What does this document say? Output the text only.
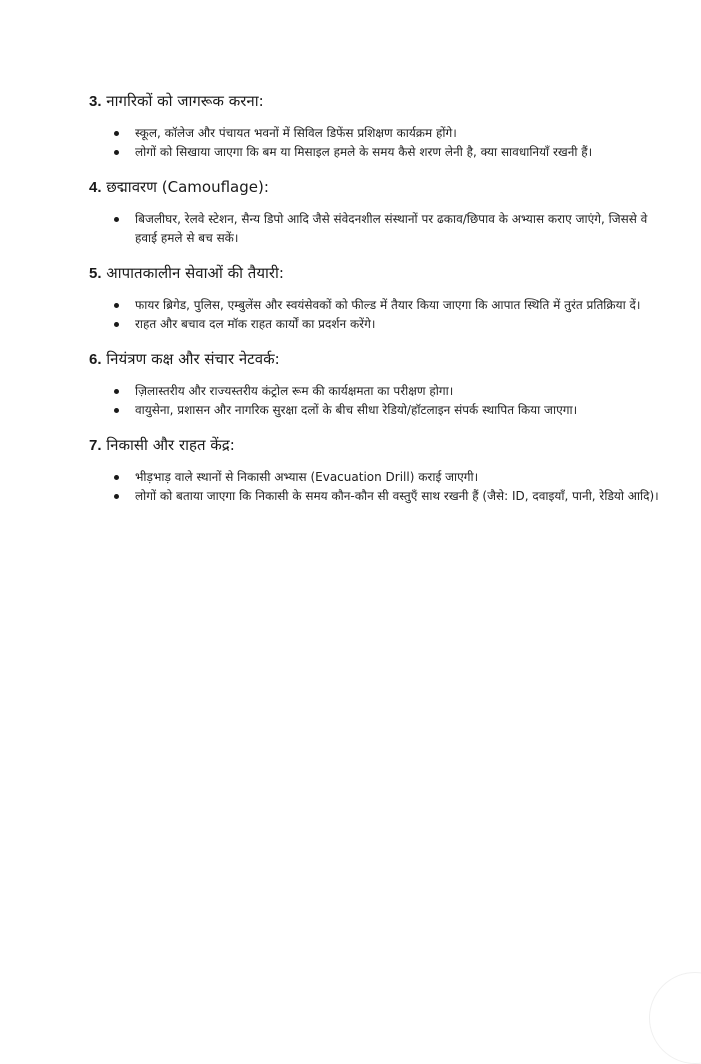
3. नागरिकों को जागरूक करना:
स्कूल, कॉलेज और पंचायत भवनों में सिविल डिफेंस प्रशिक्षण कार्यक्रम होंगे।
लोगों को सिखाया जाएगा कि बम या मिसाइल हमले के समय कैसे शरण लेनी है, क्या सावधानियाँ रखनी हैं।
4. छद्मावरण (Camouflage):
बिजलीघर, रेलवे स्टेशन, सैन्य डिपो आदि जैसे संवेदनशील संस्थानों पर ढकाव/छिपाव के अभ्यास कराए जाएंगे, जिससे वे हवाई हमले से बच सकें।
5. आपातकालीन सेवाओं की तैयारी:
फायर ब्रिगेड, पुलिस, एम्बुलेंस और स्वयंसेवकों को फील्ड में तैयार किया जाएगा कि आपात स्थिति में तुरंत प्रतिक्रिया दें।
राहत और बचाव दल मॉक राहत कार्यों का प्रदर्शन करेंगे।
6. नियंत्रण कक्ष और संचार नेटवर्क:
ज़िलास्तरीय और राज्यस्तरीय कंट्रोल रूम की कार्यक्षमता का परीक्षण होगा।
वायुसेना, प्रशासन और नागरिक सुरक्षा दलों के बीच सीधा रेडियो/हॉटलाइन संपर्क स्थापित किया जाएगा।
7. निकासी और राहत केंद्र:
भीड़भाड़ वाले स्थानों से निकासी अभ्यास (Evacuation Drill) कराई जाएगी।
लोगों को बताया जाएगा कि निकासी के समय कौन-कौन सी वस्तुएँ साथ रखनी हैं (जैसे: ID, दवाइयाँ, पानी, रेडियो आदि)।
